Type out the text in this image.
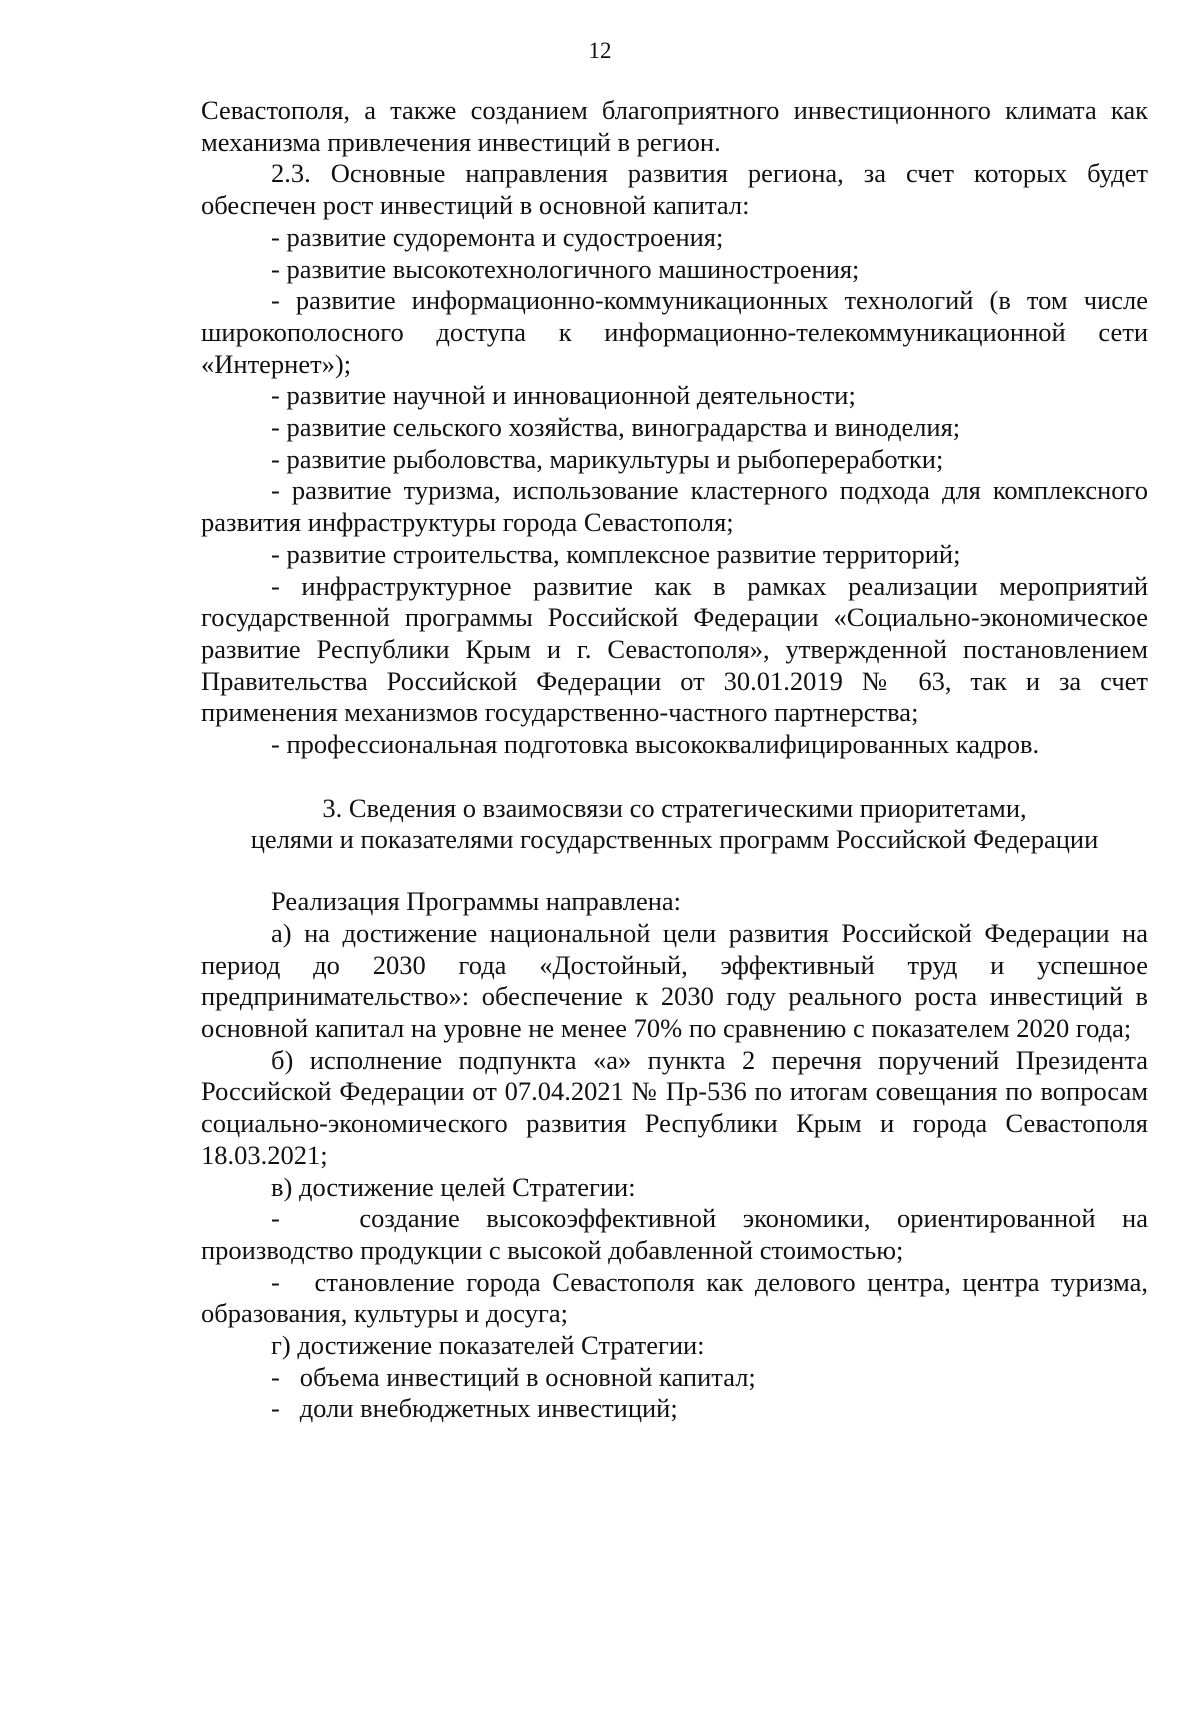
12

Севастополя, а также созданием благоприятного инвестиционного климата как механизма привлечения инвестиций в регион.

2.3. Основные направления развития региона, за счет которых будет обеспечен рост инвестиций в основной капитал:

- развитие судоремонта и судостроения;

- развитие высокотехнологичного машиностроения;

- развитие информационно-коммуникационных технологий (в том числе широкополосного доступа к информационно-телекоммуникационной сети «Интернет»);

- развитие научной и инновационной деятельности;

- развитие сельского хозяйства, виноградарства и виноделия;

- развитие рыболовства, марикультуры и рыбопереработки;

- развитие туризма, использование кластерного подхода для комплексного развития инфраструктуры города Севастополя;

- развитие строительства, комплексное развитие территорий;

- инфраструктурное развитие как в рамках реализации мероприятий государственной программы Российской Федерации «Социально-экономическое развитие Республики Крым и г. Севастополя», утвержденной постановлением Правительства Российской Федерации от 30.01.2019 № 63, так и за счет применения механизмов государственно-частного партнерства;

- профессиональная подготовка высококвалифицированных кадров.

3. Сведения о взаимосвязи со стратегическими приоритетами,

целями и показателями государственных программ Российской Федерации

Реализация Программы направлена:

а) на достижение национальной цели развития Российской Федерации на период до 2030 года «Достойный, эффективный труд и успешное предпринимательство»: обеспечение к 2030 году реального роста инвестиций в основной капитал на уровне не менее 70% по сравнению с показателем 2020 года;

б) исполнение подпункта «а» пункта 2 перечня поручений Президента Российской Федерации от 07.04.2021 № Пр-536 по итогам совещания по вопросам социально-экономического развития Республики Крым и города Севастополя 18.03.2021;

в) достижение целей Стратегии:

-	создание высокоэффективной экономики, ориентированной на производство продукции с высокой добавленной стоимостью;

- становление города Севастополя как делового центра, центра туризма, образования, культуры и досуга;

г) достижение показателей Стратегии:

- объема инвестиций в основной капитал;

- доли внебюджетных инвестиций;
